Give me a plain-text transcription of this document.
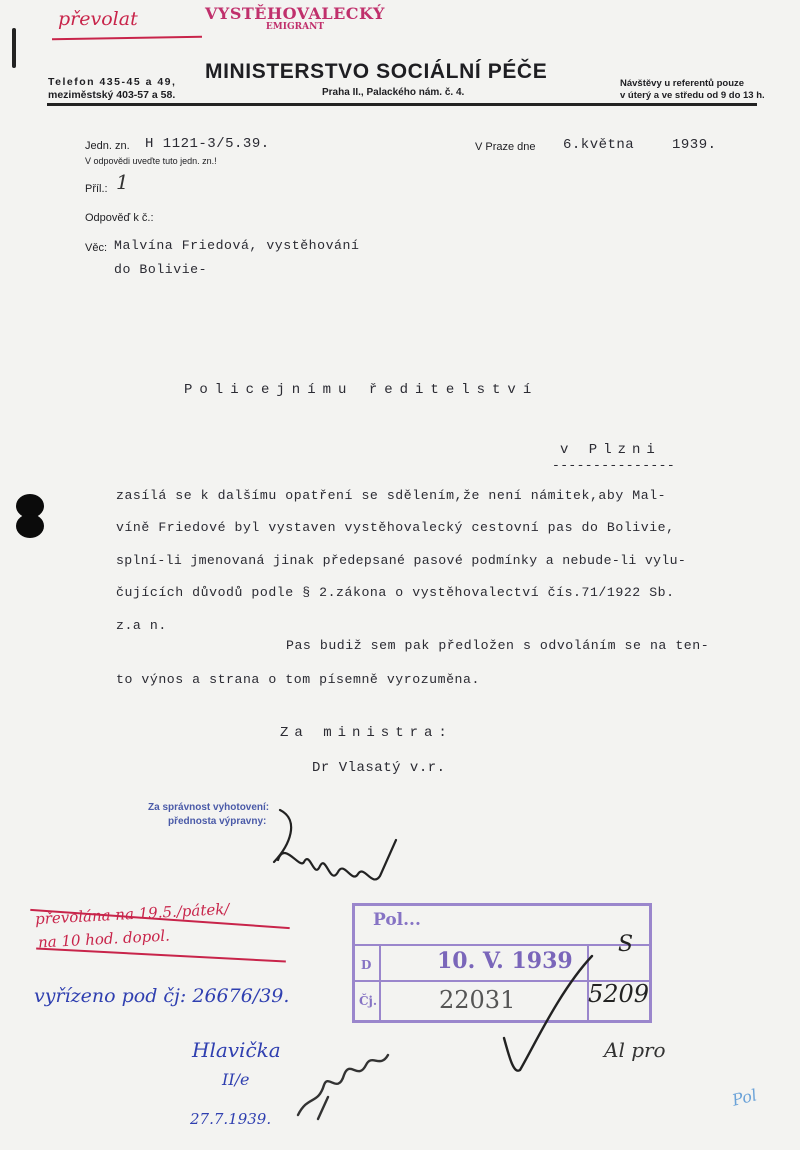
převolat	VYSTĚHOVALECKÝ
EMIGRANT
Telefon 435-45 a 49,
meziměstský 403-57 a 58.
MINISTERSTVO SOCIÁLNÍ PÉČE
Praha II., Palackého nám. č. 4.
Návštěvy u referentů pouze
v úterý a ve středu od 9 do 13 h.
Jedn. zn. H 1121-3/5.39.
V odpovědi uveďte tuto jedn. zn.!
V Praze dne 6.května	1939.
Příl.: 1
Odpověď k č.:
Věc: Malvína Friedová, vystěhování
do Bolivie-
Policejnímu ředitelství
v Plzni
---------------
zasílá se k dalšímu opatření se sdělením,že není námitek,aby Mal-
víně Friedové byl vystaven vystěhovalecký cestovní pas do Bolivie,
splní-li jmenovaná jinak předepsané pasové podmínky a nebude-li vylu-
čujících důvodů podle § 2.zákona o vystěhovalectví čís.71/1922 Sb.
z.a n.
Pas budiž sem pak předložen s odvoláním se na ten-
to výnos a strana o tom písemně vyrozuměna.
Za ministra:
Dr Vlasatý v.r.
Za správnost vyhotovení:
přednosta výpravny:
převolána na 19.5./pátek/
na 10 hod. dopol.
vyřízeno pod čj: 26676/39.
Hlavička
II/e
27.7.1939.
Pol
Pol...
D	10. V. 1939
Čj.	22031
S
5209
Al pro
